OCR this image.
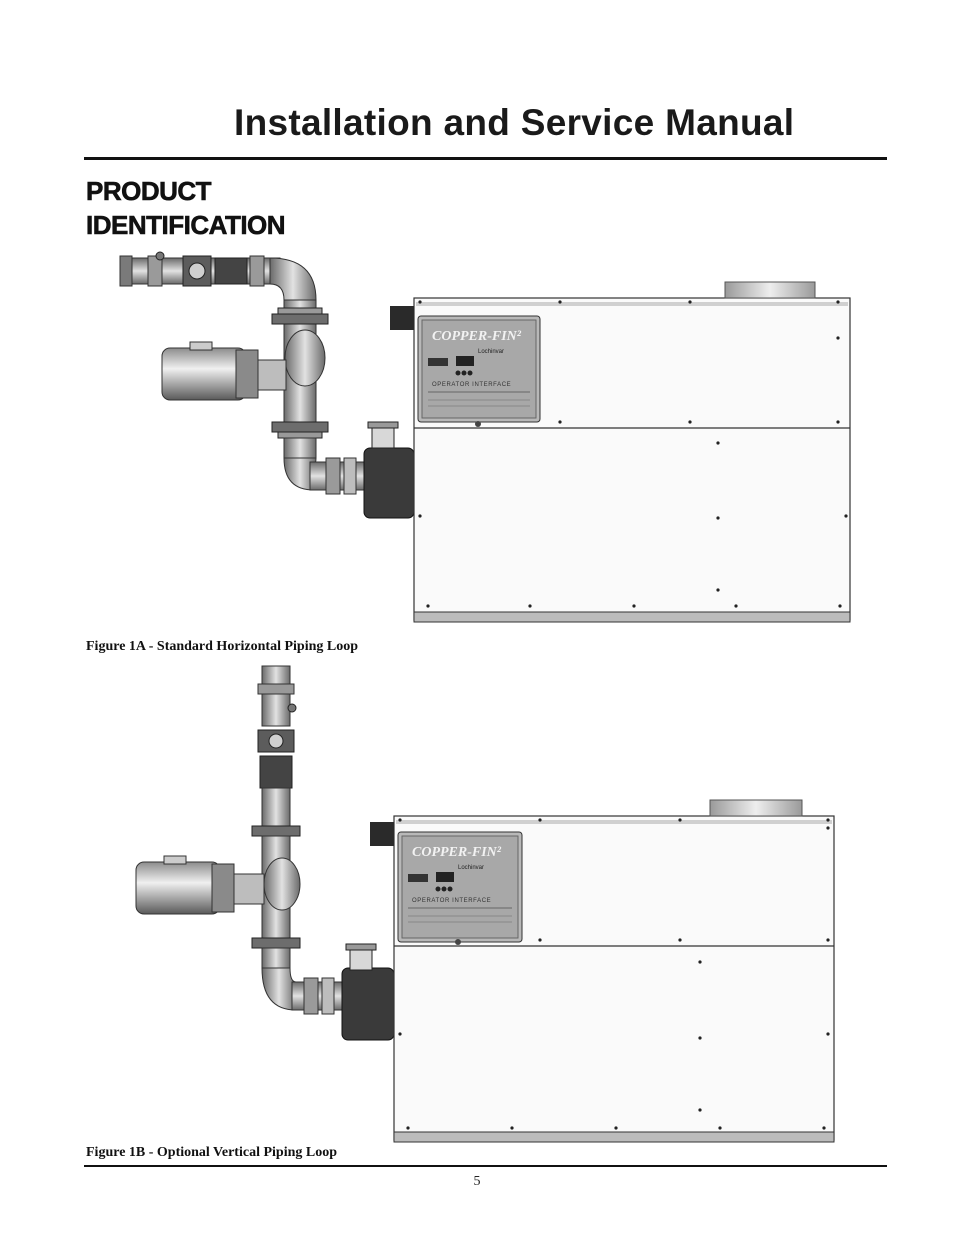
Installation and Service Manual
PRODUCT
IDENTIFICATION
COPPER-FIN²
Lochinvar
OPERATOR INTERFACE
Figure 1A - Standard Horizontal Piping Loop
COPPER-FIN²
Lochinvar
OPERATOR INTERFACE
Figure 1B - Optional Vertical Piping Loop
5
